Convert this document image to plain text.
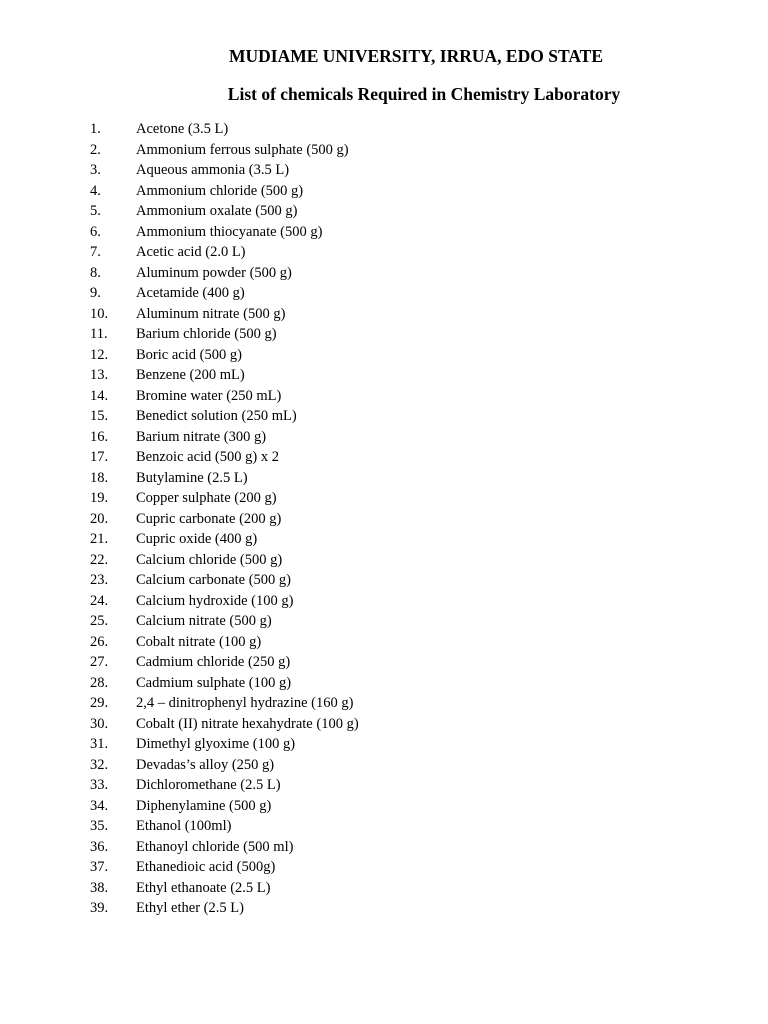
MUDIAME UNIVERSITY, IRRUA, EDO STATE
List of chemicals Required in Chemistry Laboratory
1. Acetone (3.5 L)
2. Ammonium ferrous sulphate (500 g)
3. Aqueous ammonia (3.5 L)
4. Ammonium chloride (500 g)
5. Ammonium oxalate (500 g)
6. Ammonium thiocyanate (500 g)
7. Acetic acid (2.0 L)
8. Aluminum powder (500 g)
9. Acetamide (400 g)
10. Aluminum nitrate (500 g)
11. Barium chloride (500 g)
12. Boric acid (500 g)
13. Benzene (200 mL)
14. Bromine water (250 mL)
15. Benedict solution (250 mL)
16. Barium nitrate (300 g)
17. Benzoic acid (500 g) x 2
18. Butylamine (2.5 L)
19. Copper sulphate (200 g)
20. Cupric carbonate (200 g)
21. Cupric oxide (400 g)
22. Calcium chloride (500 g)
23. Calcium carbonate (500 g)
24. Calcium hydroxide (100 g)
25. Calcium nitrate (500 g)
26. Cobalt nitrate (100 g)
27. Cadmium chloride (250 g)
28. Cadmium sulphate (100 g)
29. 2,4 – dinitrophenyl hydrazine (160 g)
30. Cobalt (II) nitrate hexahydrate (100 g)
31. Dimethyl glyoxime (100 g)
32. Devadas’s alloy (250 g)
33. Dichloromethane (2.5 L)
34. Diphenylamine (500 g)
35. Ethanol (100ml)
36. Ethanoyl chloride (500 ml)
37. Ethanedioic acid (500g)
38. Ethyl ethanoate (2.5 L)
39. Ethyl ether (2.5 L)
